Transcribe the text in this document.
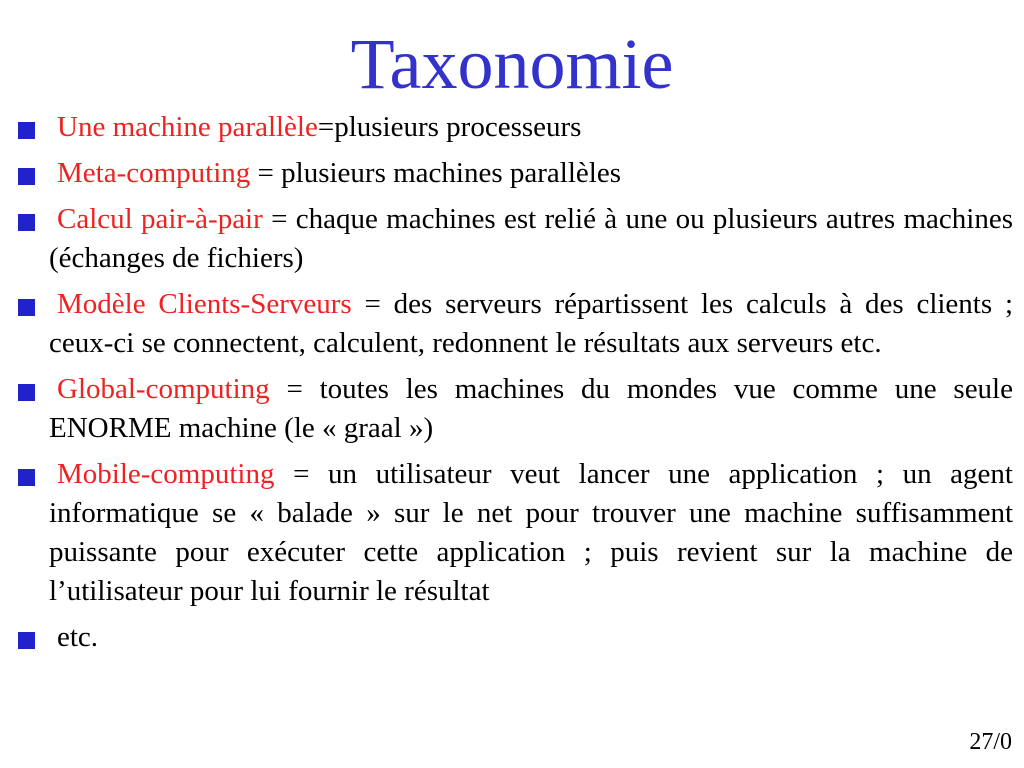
Taxonomie
Une machine parallèle=plusieurs processeurs
Meta-computing = plusieurs machines parallèles
Calcul pair-à-pair = chaque machines est relié à une ou plusieurs autres machines (échanges de fichiers)
Modèle Clients-Serveurs = des serveurs répartissent les calculs à des clients ; ceux-ci se connectent, calculent, redonnent le résultats aux serveurs etc.
Global-computing = toutes les machines du mondes vue comme une seule ENORME machine (le « graal »)
Mobile-computing = un utilisateur veut lancer une application ; un agent informatique se « balade » sur le net pour trouver une machine suffisamment puissante pour exécuter cette application ; puis revient sur la machine de l’utilisateur pour lui fournir le résultat
etc.
27/0
